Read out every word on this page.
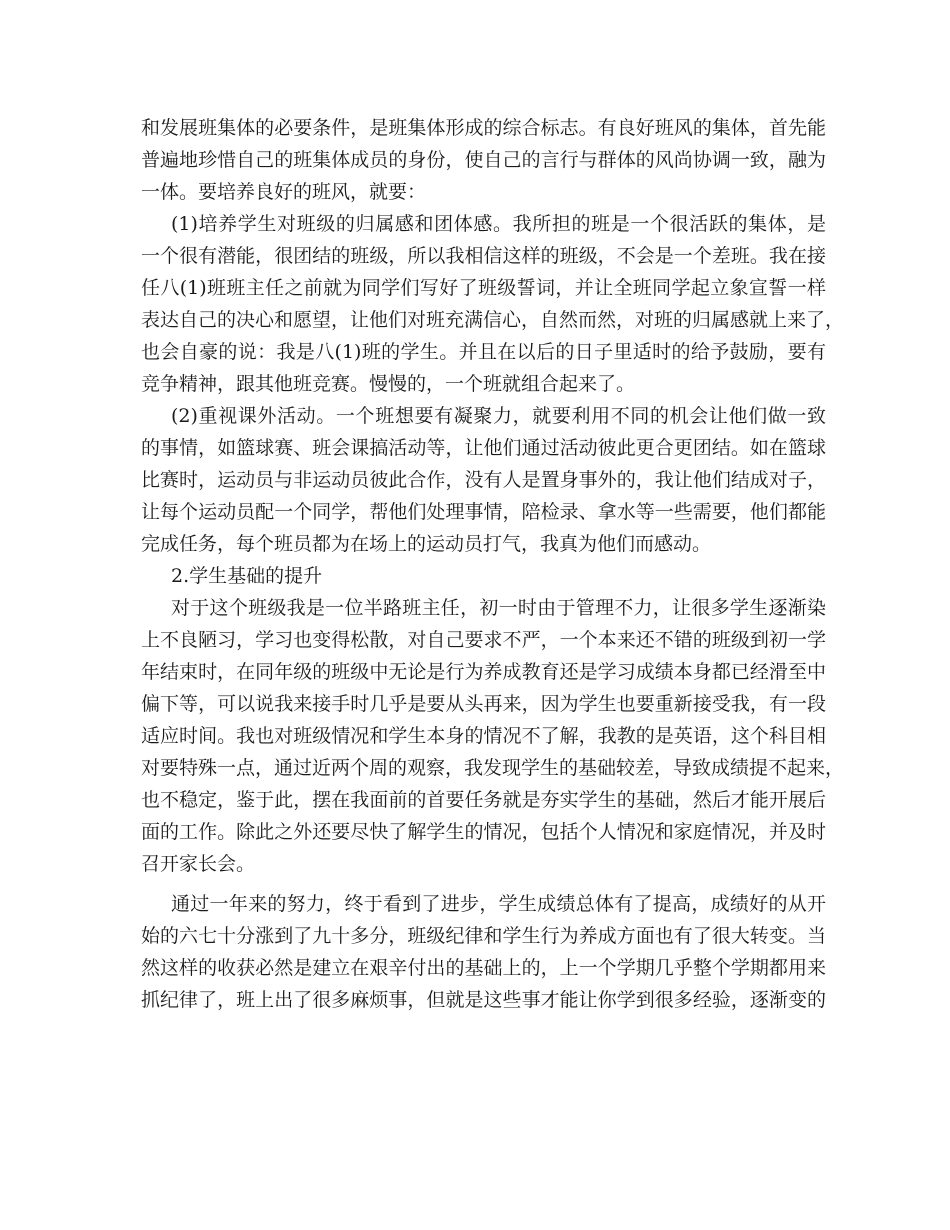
和发展班集体的必要条件，是班集体形成的综合标志。有良好班风的集体，首先能
普遍地珍惜自己的班集体成员的身份，使自己的言行与群体的风尚协调一致，融为
一体。要培养良好的班风，就要：
(1)培养学生对班级的归属感和团体感。我所担的班是一个很活跃的集体，是
一个很有潜能，很团结的班级，所以我相信这样的班级，不会是一个差班。我在接
任八(1)班班主任之前就为同学们写好了班级誓词，并让全班同学起立象宣誓一样
表达自己的决心和愿望，让他们对班充满信心，自然而然，对班的归属感就上来了，
也会自豪的说：我是八(1)班的学生。并且在以后的日子里适时的给予鼓励，要有
竞争精神，跟其他班竞赛。慢慢的，一个班就组合起来了。
(2)重视课外活动。一个班想要有凝聚力，就要利用不同的机会让他们做一致
的事情，如篮球赛、班会课搞活动等，让他们通过活动彼此更合更团结。如在篮球
比赛时，运动员与非运动员彼此合作，没有人是置身事外的，我让他们结成对子，
让每个运动员配一个同学，帮他们处理事情，陪检录、拿水等一些需要，他们都能
完成任务，每个班员都为在场上的运动员打气，我真为他们而感动。
2.学生基础的提升
对于这个班级我是一位半路班主任，初一时由于管理不力，让很多学生逐渐染
上不良陋习，学习也变得松散，对自己要求不严，一个本来还不错的班级到初一学
年结束时，在同年级的班级中无论是行为养成教育还是学习成绩本身都已经滑至中
偏下等，可以说我来接手时几乎是要从头再来，因为学生也要重新接受我，有一段
适应时间。我也对班级情况和学生本身的情况不了解，我教的是英语，这个科目相
对要特殊一点，通过近两个周的观察，我发现学生的基础较差，导致成绩提不起来，
也不稳定，鉴于此，摆在我面前的首要任务就是夯实学生的基础，然后才能开展后
面的工作。除此之外还要尽快了解学生的情况，包括个人情况和家庭情况，并及时
召开家长会。
通过一年来的努力，终于看到了进步，学生成绩总体有了提高，成绩好的从开
始的六七十分涨到了九十多分，班级纪律和学生行为养成方面也有了很大转变。当
然这样的收获必然是建立在艰辛付出的基础上的，上一个学期几乎整个学期都用来
抓纪律了，班上出了很多麻烦事，但就是这些事才能让你学到很多经验，逐渐变的
